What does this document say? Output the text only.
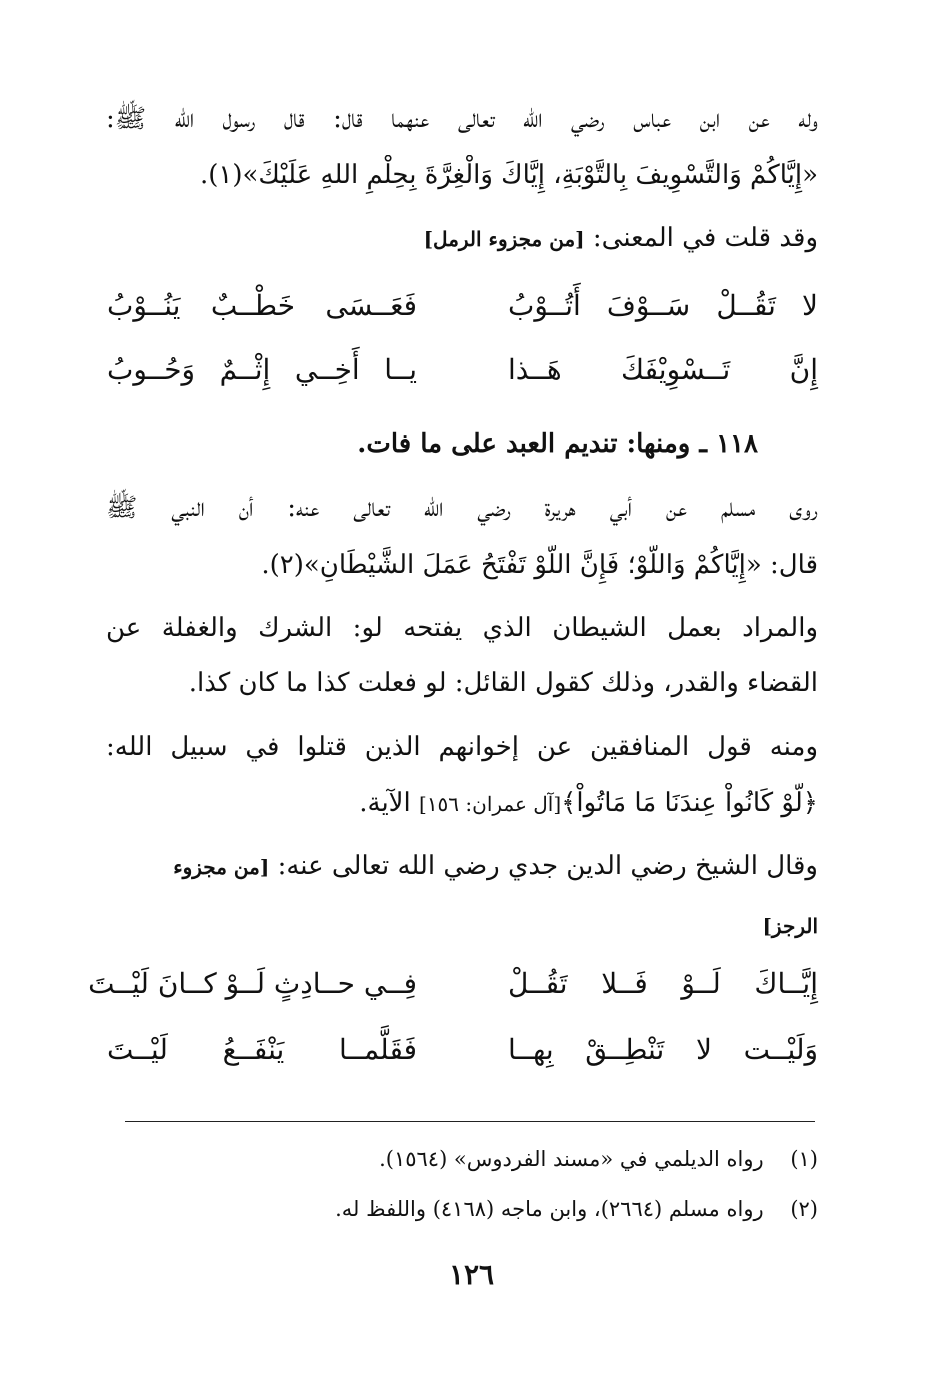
وله عن ابن عباس رضي الله تعالى عنهما قال: قال رسول الله ﷺ:
«إِيَّاكُمْ وَالتَّسْوِيفَ بِالتَّوْبَةِ، إِيَّاكَ وَالْغِرَّةَ بِحِلْمِ اللهِ عَلَيْكَ»(١).
وقد قلت في المعنى: [من مجزوء الرمل]
لا تَقُــلْ سَــوْفَ أَتُــوْبُ
فَعَــسَى خَطْــبٌ يَنُــوْبُ
إِنَّ تَــسْوِيْفَكَ هَــذا
يــا أَخِــي إِثْــمٌ وَحُــوبُ
١١٨ ـ ومنها: تنديم العبد على ما فات.
روى مسلم عن أبي هريرة رضي الله تعالى عنه: أن النبي ﷺ
قال: «إِيَّاكُمْ وَاللَّوْ؛ فَإِنَّ اللَّوْ تَفْتَحُ عَمَلَ الشَّيْطَانِ»(٢).
والمراد بعمل الشيطان الذي يفتحه لو: الشرك والغفلة عن
القضاء والقدر، وذلك كقول القائل: لو فعلت كذا ما كان كذا.
ومنه قول المنافقين عن إخوانهم الذين قتلوا في سبيل الله:
﴿لَّوْ كَانُواْ عِندَنَا مَا مَاتُواْ﴾[آل عمران: ١٥٦] الآية.
وقال الشيخ رضي الدين جدي رضي الله تعالى عنه: [من مجزوء
الرجز]
إِيَّــاكَ لَــوْ فَــلا تَقُــلْ
فِــي حــادِثٍ لَــوْ كــانَ لَيْــتَ
وَلَيْــت لا تَنْطِــقْ بِهــا
فَقَلَّمــا يَنْفَــعُ لَيْــتَ
(١)    رواه الديلمي في «مسند الفردوس» (١٥٦٤).
(٢)    رواه مسلم (٢٦٦٤)، وابن ماجه (٤١٦٨) واللفظ له.
١٢٦
